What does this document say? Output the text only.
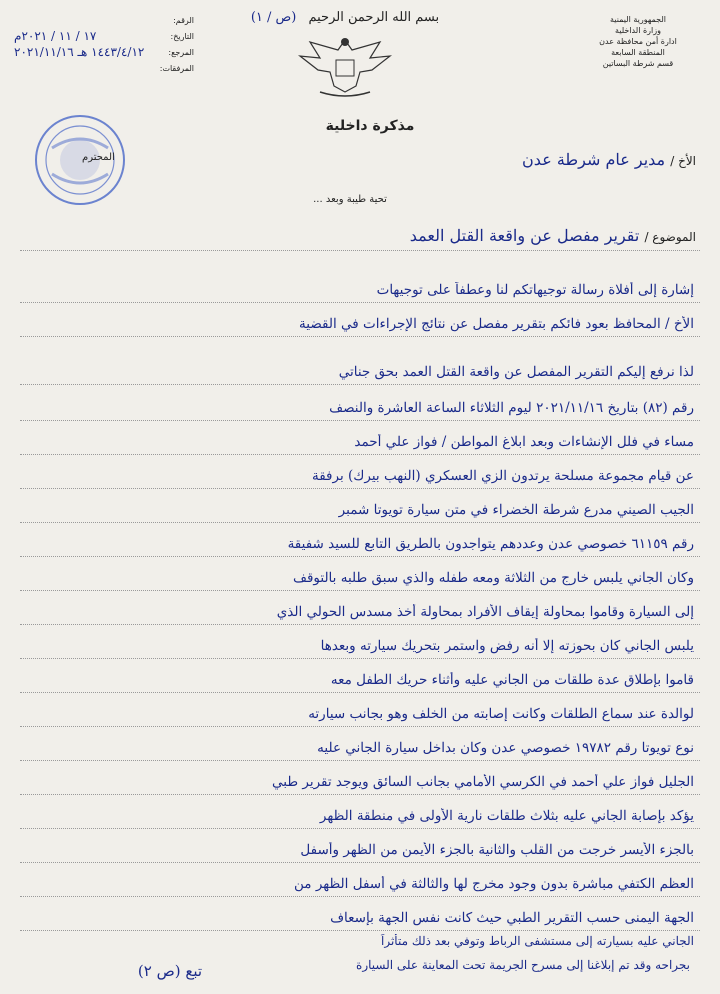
الجمهورية اليمنية
وزارة الداخلية
ادارة أمن محافظة عدن
المنطقة السابعة
قسم شرطة البساتين
الرقم:
التاريخ:
١٧ / ١١ / ٢٠٢١م
المرجع:
١٤٤٣/٤/١٢ هـ ٢٠٢١/١١/١٦
المرفقات:
بسم الله الرحمن الرحيم (ص / ١)
المحترم
مذكرة داخلية
الأخ / مدير عام شرطة عدن
تحية طيبة وبعد ...
الموضوع / تقرير مفصل عن واقعة القتل العمد
إشارة إلى أفلاة رسالة توجيهاتكم لنا وعطفاً على توجيهات
الأخ / المحافظ بعود فائكم بتقرير مفصل عن نتائج الإجراءات في القضية
لذا نرفع إليكم التقرير المفصل عن واقعة القتل العمد بحق جناتي
رقم (٨٢) بتاريخ ٢٠٢١/١١/١٦ ليوم الثلاثاء الساعة العاشرة والنصف
مساء في فلل الإنشاءات وبعد ابلاغ المواطن / فواز علي أحمد
عن قيام مجموعة مسلحة يرتدون الزي العسكري (النهب بيرك) برفقة
الجيب الصيني مدرع شرطة الخضراء في متن سيارة تويوتا شمبر
رقم ٦١١٥٩ خصوصي عدن وعددهم يتواجدون بالطريق التابع للسيد شفيقة
وكان الجاني يلبس خارج من الثلاثة ومعه طفله والذي سبق طلبه بالتوقف
إلى السيارة وقاموا بمحاولة إيقاف الأفراد بمحاولة أخذ مسدس الحولي الذي
يلبس الجاني كان بحوزته إلا أنه رفض واستمر بتحريك سيارته وبعدها
قاموا بإطلاق عدة طلقات من الجاني عليه وأثناء حريك الطفل معه
لوالدة عند سماع الطلقات وكانت إصابته من الخلف وهو بجانب سيارته
نوع تويوتا رقم ١٩٧٨٢ خصوصي عدن وكان بداخل سيارة الجاني عليه
الجليل فواز علي أحمد في الكرسي الأمامي بجانب السائق ويوجد تقرير طبي
يؤكد بإصابة الجاني عليه بثلاث طلقات نارية الأولى في منطقة الظهر
بالجزء الأيسر خرجت من القلب والثانية بالجزء الأيمن من الظهر وأسفل
العظم الكتفي مباشرة بدون وجود مخرج لها والثالثة في أسفل الظهر من
الجهة اليمنى حسب التقرير الطبي حيث كانت نفس الجهة بإسعاف
الجاني عليه بسيارته إلى مستشفى الرباط وتوفي بعد ذلك متأثراً
بجراحه وقد تم إبلاغنا إلى مسرح الجريمة تحت المعاينة على السيارة
تبع (ص ٢)
